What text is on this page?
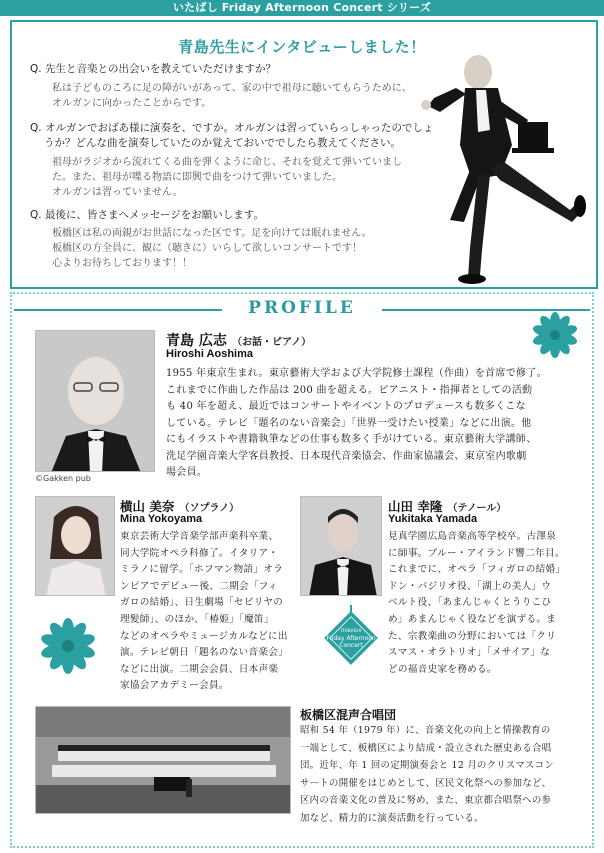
いたばし Friday Afternoon Concert シリーズ
青島先生にインタビューしました！
Q. 先生と音楽との出会いを教えていただけますか？
私は子どものころに足の障がいがあって、家の中で祖母に聴いてもらうために、
オルガンに向かったことからです。
Q. オルガンでおばあ様に演奏を、ですか。オルガンは習っていらっしゃったのでしょ
うか？どんな曲を演奏していたのか覚えておいででしたら教えてください。
祖母がラジオから流れてくる曲を弾くように命じ、それを覚えて弾いていまし
た。また、祖母が喋る物語に即興で曲をつけて弾いていました。
オルガンは習っていません。
Q. 最後に、皆さまへメッセージをお願いします。
板橋区は私の両親がお世話になった区です。足を向けては眠れません。
板橋区の方全員に、観に（聴きに）いらして欲しいコンサートです！
心よりお待ちしております！！
PROFILE
©Gakken pub
青島 広志 （お話・ピアノ）
Hiroshi Aoshima
1955 年東京生まれ。東京藝術大学および大学院修士課程（作曲）を首席で修了。
これまでに作曲した作品は 200 曲を超える。ピアニスト・指揮者としての活動
も 40 年を超え、最近ではコンサートやイベントのプロデュースも数多くこな
している。テレビ「題名のない音楽会」「世界一受けたい授業」などに出演。他
にもイラストや書籍執筆などの仕事も数多く手がけている。東京藝術大学講師、
洗足学園音楽大学客員教授、日本現代音楽協会、作曲家協議会、東京室内歌劇
場会員。
横山 美奈 （ソプラノ）
Mina Yokoyama
東京芸術大学音楽学部声楽科卒業、
同大学院オペラ科修了。イタリア・
ミラノに留学。「ホフマン物語」オラ
ンピアでデビュー後、二期会「フィ
ガロの結婚」、日生劇場「セビリヤの
理髪師」、のほか、「椿姫」「魔笛」
などのオペラやミュージカルなどに出
演。テレビ朝日「題名のない音楽会」
などに出演。二期会会員、日本声楽
家協会アカデミー会員。
山田 幸隆 （テノール）
Yukitaka Yamada
見真学園広島音楽高等学校卒。古澤泉
に師事。ブルー・アイランド響二年目。
これまでに、オペラ「フィガロの結婚」
ドン・バジリオ役、「湖上の美人」ウ
ベルト役、「あまんじゃくとうりこひ
め」あまんじゃく役などを演ずる。ま
た、宗教楽曲の分野においては「クリ
スマス・オラトリオ」「メサイア」な
どの福音史家を務める。
ITABASHI
Friday Afternoon Concert
板橋区混声合唱団
昭和 54 年（1979 年）に、音楽文化の向上と情操教育の
一端として、板橋区により結成・設立された歴史ある合唱
団。近年、年 1 回の定期演奏会と 12 月のクリスマスコン
サートの開催をはじめとして、区民文化祭への参加など、
区内の音楽文化の普及に努め、また、東京都合唱祭への参
加など、精力的に演奏活動を行っている。
